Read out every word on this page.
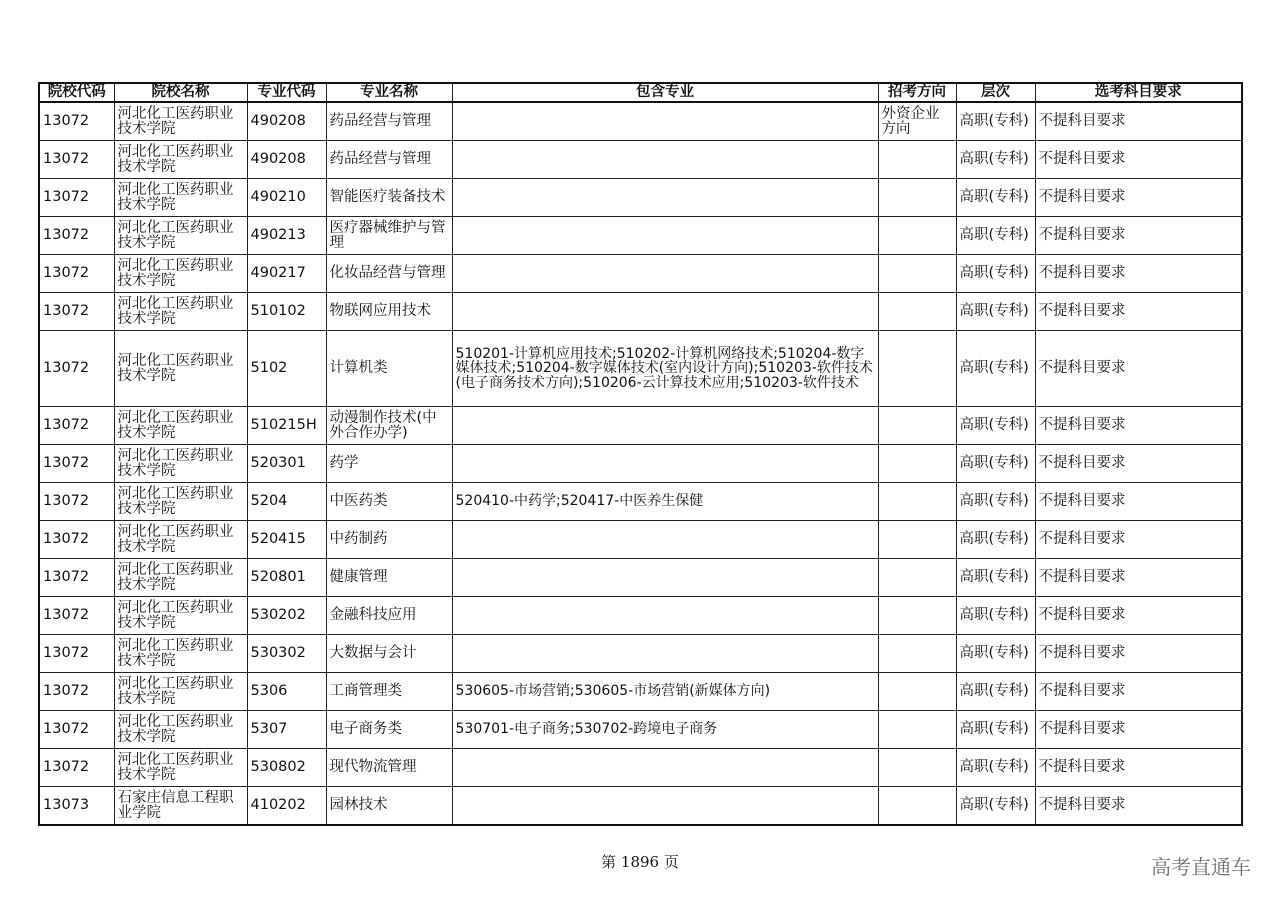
院校代码	院校名称	专业代码	专业名称	包含专业	招考方向	层次	选考科目要求
13072	河北化工医药职业技术学院	490208	药品经营与管理		外资企业方向	高职(专科)	不提科目要求
13072	河北化工医药职业技术学院	490208	药品经营与管理			高职(专科)	不提科目要求
13072	河北化工医药职业技术学院	490210	智能医疗装备技术			高职(专科)	不提科目要求
13072	河北化工医药职业技术学院	490213	医疗器械维护与管理			高职(专科)	不提科目要求
13072	河北化工医药职业技术学院	490217	化妆品经营与管理			高职(专科)	不提科目要求
13072	河北化工医药职业技术学院	510102	物联网应用技术			高职(专科)	不提科目要求
13072	河北化工医药职业技术学院	5102	计算机类	510201-计算机应用技术;510202-计算机网络技术;510204-数字媒体技术;510204-数字媒体技术(室内设计方向);510203-软件技术(电子商务技术方向);510206-云计算技术应用;510203-软件技术		高职(专科)	不提科目要求
13072	河北化工医药职业技术学院	510215H	动漫制作技术(中外合作办学)			高职(专科)	不提科目要求
13072	河北化工医药职业技术学院	520301	药学			高职(专科)	不提科目要求
13072	河北化工医药职业技术学院	5204	中医药类	520410-中药学;520417-中医养生保健		高职(专科)	不提科目要求
13072	河北化工医药职业技术学院	520415	中药制药			高职(专科)	不提科目要求
13072	河北化工医药职业技术学院	520801	健康管理			高职(专科)	不提科目要求
13072	河北化工医药职业技术学院	530202	金融科技应用			高职(专科)	不提科目要求
13072	河北化工医药职业技术学院	530302	大数据与会计			高职(专科)	不提科目要求
13072	河北化工医药职业技术学院	5306	工商管理类	530605-市场营销;530605-市场营销(新媒体方向)		高职(专科)	不提科目要求
13072	河北化工医药职业技术学院	5307	电子商务类	530701-电子商务;530702-跨境电子商务		高职(专科)	不提科目要求
13072	河北化工医药职业技术学院	530802	现代物流管理			高职(专科)	不提科目要求
13073	石家庄信息工程职业学院	410202	园林技术			高职(专科)	不提科目要求
第 1896 页	高考直通车
